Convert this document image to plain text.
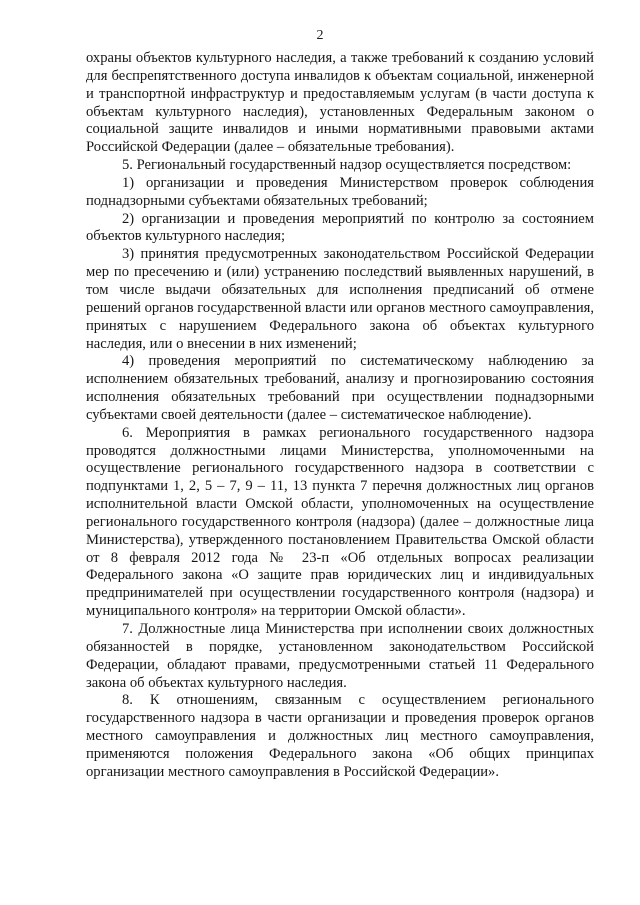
2

охраны объектов культурного наследия, а также требований к созданию условий для беспрепятственного доступа инвалидов к объектам социальной, инженерной и транспортной инфраструктур и предоставляемым услугам (в части доступа к объектам культурного наследия), установленных Федеральным законом о социальной защите инвалидов и иными нормативными правовыми актами Российской Федерации (далее – обязательные требования).

5. Региональный государственный надзор осуществляется посредством:

1) организации и проведения Министерством проверок соблюдения поднадзорными субъектами обязательных требований;

2) организации и проведения мероприятий по контролю за состоянием объектов культурного наследия;

3) принятия предусмотренных законодательством Российской Федерации мер по пресечению и (или) устранению последствий выявленных нарушений, в том числе выдачи обязательных для исполнения предписаний об отмене решений органов государственной власти или органов местного самоуправления, принятых с нарушением Федерального закона об объектах культурного наследия, или о внесении в них изменений;

4) проведения мероприятий по систематическому наблюдению за исполнением обязательных требований, анализу и прогнозированию состояния исполнения обязательных требований при осуществлении поднадзорными субъектами своей деятельности (далее – систематическое наблюдение).

6. Мероприятия в рамках регионального государственного надзора проводятся должностными лицами Министерства, уполномоченными на осуществление регионального государственного надзора в соответствии с подпунктами 1, 2, 5 – 7, 9 – 11, 13 пункта 7 перечня должностных лиц органов исполнительной власти Омской области, уполномоченных на осуществление регионального государственного контроля (надзора) (далее – должностные лица Министерства), утвержденного постановлением Правительства Омской области от 8 февраля 2012 года № 23-п «Об отдельных вопросах реализации Федерального закона «О защите прав юридических лиц и индивидуальных предпринимателей при осуществлении государственного контроля (надзора) и муниципального контроля» на территории Омской области».

7. Должностные лица Министерства при исполнении своих должностных обязанностей в порядке, установленном законодательством Российской Федерации, обладают правами, предусмотренными статьей 11 Федерального закона об объектах культурного наследия.

8. К отношениям, связанным с осуществлением регионального государственного надзора в части организации и проведения проверок органов местного самоуправления и должностных лиц местного самоуправления, применяются положения Федерального закона «Об общих принципах организации местного самоуправления в Российской Федерации».
